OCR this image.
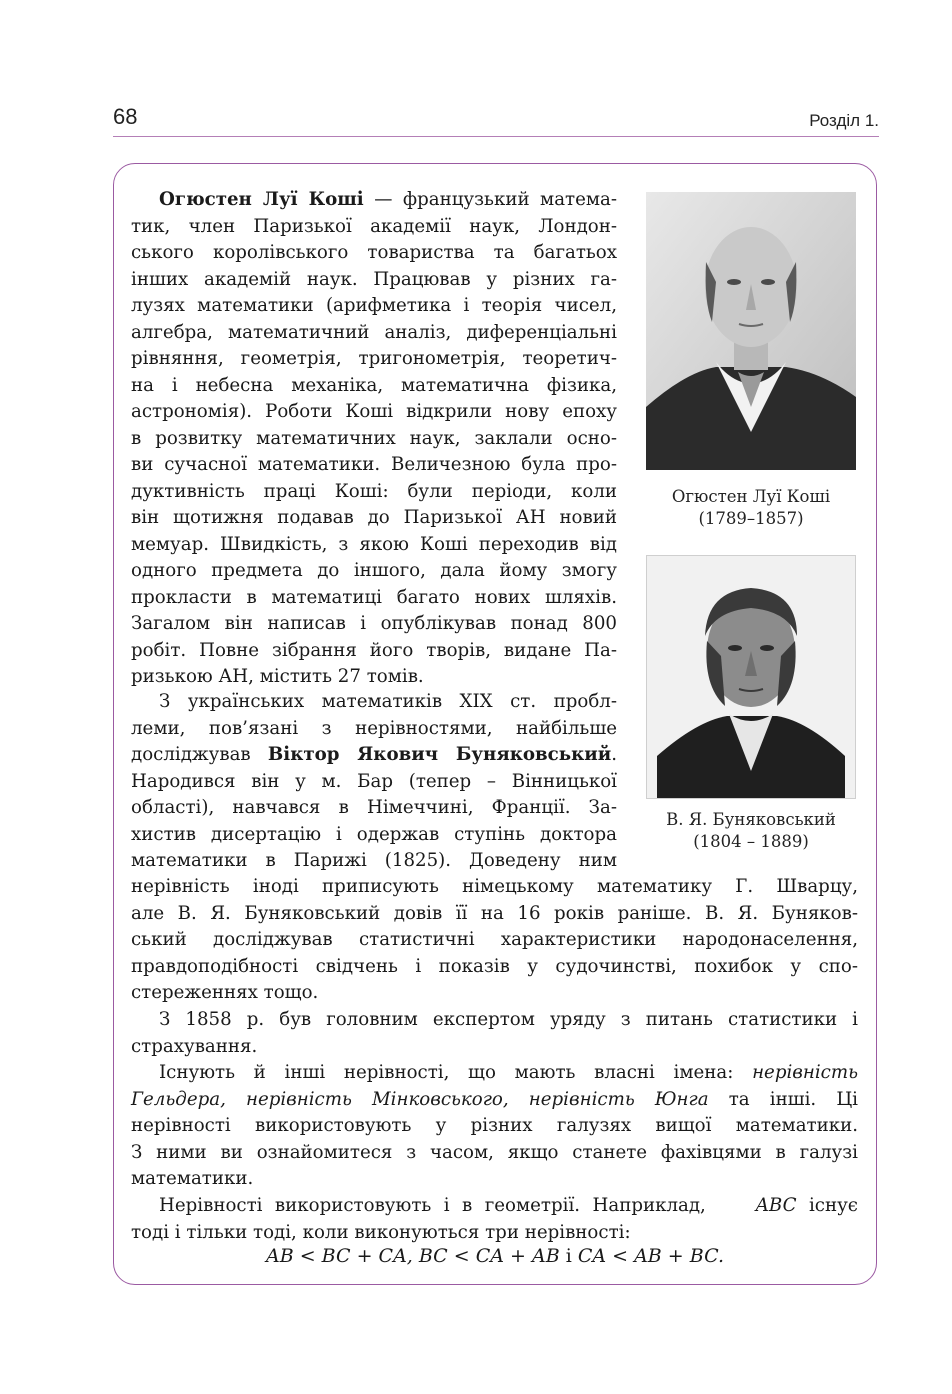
68	Розділ 1.
Огюстен Луї Коші — французький матема-
тик, член Паризької академії наук, Лондон-
ського королівського товариства та багатьох
інших академій наук. Працював у різних га-
лузях математики (арифметика і теорія чисел,
алгебра, математичний аналіз, диференціальні
рівняння, геометрія, тригонометрія, теоретич-
на і небесна механіка, математична фізика,
астрономія). Роботи Коші відкрили нову епоху
в розвитку математичних наук, заклали осно-
ви сучасної математики. Величезною була про-
дуктивність праці Коші: були періоди, коли
він щотижня подавав до Паризької АН новий
мемуар. Швидкість, з якою Коші переходив від
одного предмета до іншого, дала йому змогу
прокласти в математиці багато нових шляхів.
Загалом він написав і опублікував понад 800
робіт. Повне зібрання його творів, видане Па-
ризькою АН, містить 27 томів.
З українських математиків XIX ст. пробл-
леми, пов’язані з нерівностями, найбільше
досліджував Віктор Якович Буняковський.
Народився він у м. Бар (тепер – Вінницької
області), навчався в Німеччині, Франції. За-
хистив дисертацію і одержав ступінь доктора
математики в Парижі (1825). Доведену ним
нерівність іноді приписують німецькому математику Г. Шварцу,
але В. Я. Буняковський довів її на 16 років раніше. В. Я. Буняков-
ський досліджував статистичні характеристики народонаселення,
правдоподібності свідчень і показів у судочинстві, похибок у спо-
стереженнях тощо.
З 1858 р. був головним експертом уряду з питань статистики і
страхування.
Існують й інші нерівності, що мають власні імена: нерівність
Гельдера, нерівність Мінковського, нерівність Юнга та інші. Ці
нерівності використовують у різних галузях вищої математики.
З ними ви ознайомитеся з часом, якщо станете фахівцями в галузі
математики.
Нерівності використовують і в геометрії. Наприклад,	ABC існує
тоді і тільки тоді, коли виконуються три нерівності:
AB < BC + CA, BC < CA + AB і CA < AB + BC.
Огюстен Луї Коші
(1789–1857)
В. Я. Буняковський
(1804 – 1889)
